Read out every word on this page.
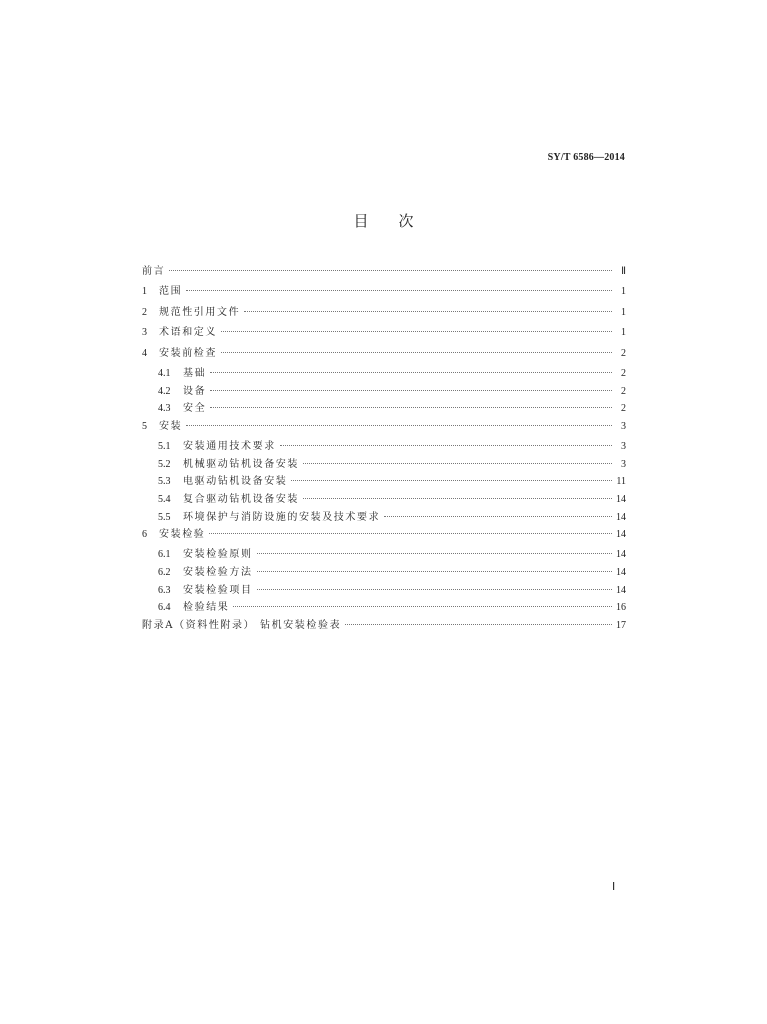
SY/T 6586—2014
目次
前言	Ⅱ
1	范围	1
2	规范性引用文件	1
3	术语和定义	1
4	安装前检查	2
4.1	基础	2
4.2	设备	2
4.3	安全	2
5	安装	3
5.1	安装通用技术要求	3
5.2	机械驱动钻机设备安装	3
5.3	电驱动钻机设备安装	11
5.4	复合驱动钻机设备安装	14
5.5	环境保护与消防设施的安装及技术要求	14
6	安装检验	14
6.1	安装检验原则	14
6.2	安装检验方法	14
6.3	安装检验项目	14
6.4	检验结果	16
附录A（资料性附录） 钻机安装检验表	17
Ⅰ
